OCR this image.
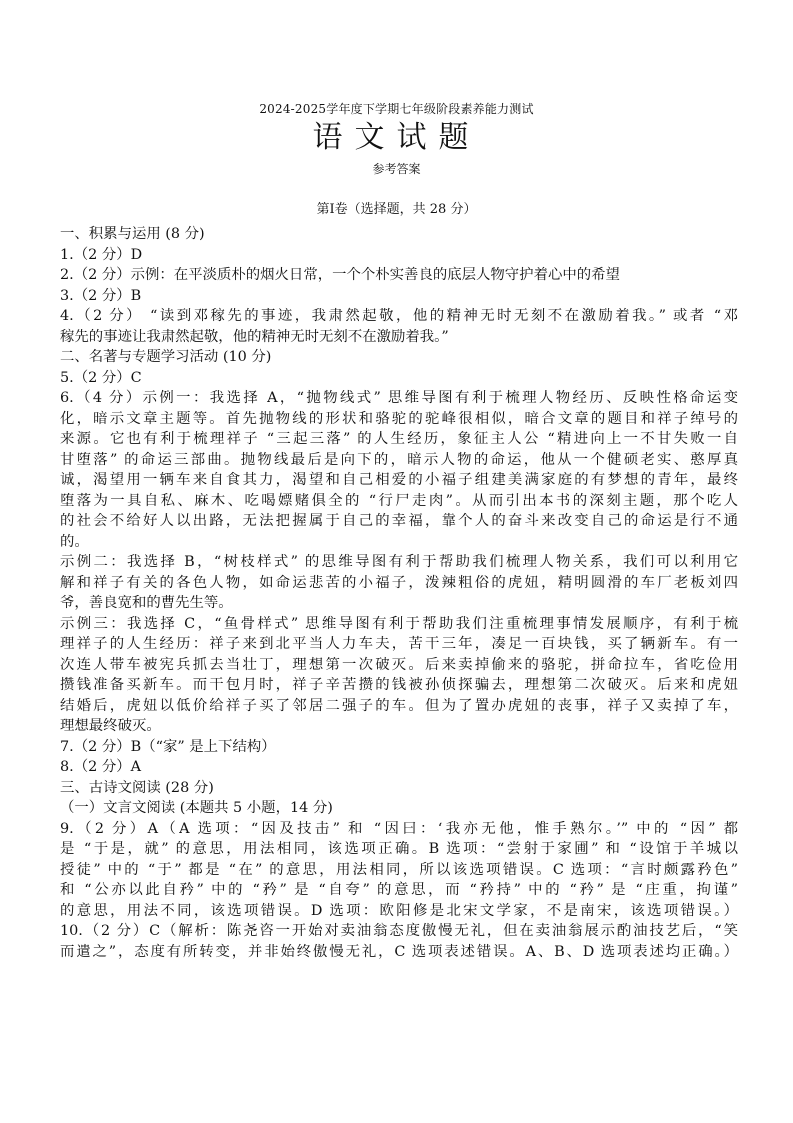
2024-2025学年度下学期七年级阶段素养能力测试
语文试题
参考答案
第Ⅰ卷（选择题，共 28 分）
一、积累与运用 (8 分)
1.（2 分）D
2.（2 分）示例：在平淡质朴的烟火日常，一个个朴实善良的底层人物守护着心中的希望
3.（2 分）B
4.（2 分） “读到邓稼先的事迹，我肃然起敬，他的精神无时无刻不在激励着我。” 或者 “邓
稼先的事迹让我肃然起敬，他的精神无时无刻不在激励着我。”
二、名著与专题学习活动 (10 分)
5.（2 分）C
6.（4 分）示例一：我选择 A，“抛物线式” 思维导图有利于梳理人物经历、反映性格命运变
化，暗示文章主题等。首先抛物线的形状和骆驼的驼峰很相似，暗合文章的题目和祥子绰号的
来源。它也有利于梳理祥子 “三起三落” 的人生经历，象征主人公 “精进向上一不甘失败一自
甘堕落” 的命运三部曲。抛物线最后是向下的，暗示人物的命运，他从一个健硕老实、憨厚真
诚，渴望用一辆车来自食其力，渴望和自己相爱的小福子组建美满家庭的有梦想的青年，最终
堕落为一具自私、麻木、吃喝嫖赌俱全的 “行尸走肉”。从而引出本书的深刻主题，那个吃人
的社会不给好人以出路，无法把握属于自己的幸福，靠个人的奋斗来改变自己的命运是行不通
的。
示例二：我选择 B，“树枝样式” 的思维导图有利于帮助我们梳理人物关系，我们可以利用它
解和祥子有关的各色人物，如命运悲苦的小福子，泼辣粗俗的虎妞，精明圆滑的车厂老板刘四
爷，善良宽和的曹先生等。
示例三：我选择 C，“鱼骨样式” 思维导图有利于帮助我们注重梳理事情发展顺序，有利于梳
理祥子的人生经历：祥子来到北平当人力车夫，苦干三年，凑足一百块钱，买了辆新车。有一
次连人带车被宪兵抓去当壮丁，理想第一次破灭。后来卖掉偷来的骆驼，拼命拉车，省吃俭用
攒钱准备买新车。而干包月时，祥子辛苦攒的钱被孙侦探骗去，理想第二次破灭。后来和虎妞
结婚后，虎妞以低价给祥子买了邻居二强子的车。但为了置办虎妞的丧事，祥子又卖掉了车，
理想最终破灭。
7.（2 分）B（“家” 是上下结构）
8.（2 分）A
三、古诗文阅读 (28 分)
（一）文言文阅读 (本题共 5 小题，14 分)
9.（2 分）A（A 选项：“因及技击” 和 “因曰：‘我亦无他，惟手熟尔。’” 中的 “因” 都
是 “于是，就” 的意思，用法相同，该选项正确。B 选项：“尝射于家圃” 和 “设馆于羊城以
授徒” 中的 “于” 都是 “在” 的意思，用法相同，所以该选项错误。C 选项：“言时颇露矜色”
和 “公亦以此自矜” 中的 “矜” 是 “自夸” 的意思，而 “矜持” 中的 “矜” 是 “庄重，拘谨”
的意思，用法不同，该选项错误。D 选项：欧阳修是北宋文学家，不是南宋，该选项错误。）
10.（2 分）C（解析：陈尧咨一开始对卖油翁态度傲慢无礼，但在卖油翁展示酌油技艺后，“笑
而遣之”，态度有所转变，并非始终傲慢无礼，C 选项表述错误。A、B、D 选项表述均正确。）
